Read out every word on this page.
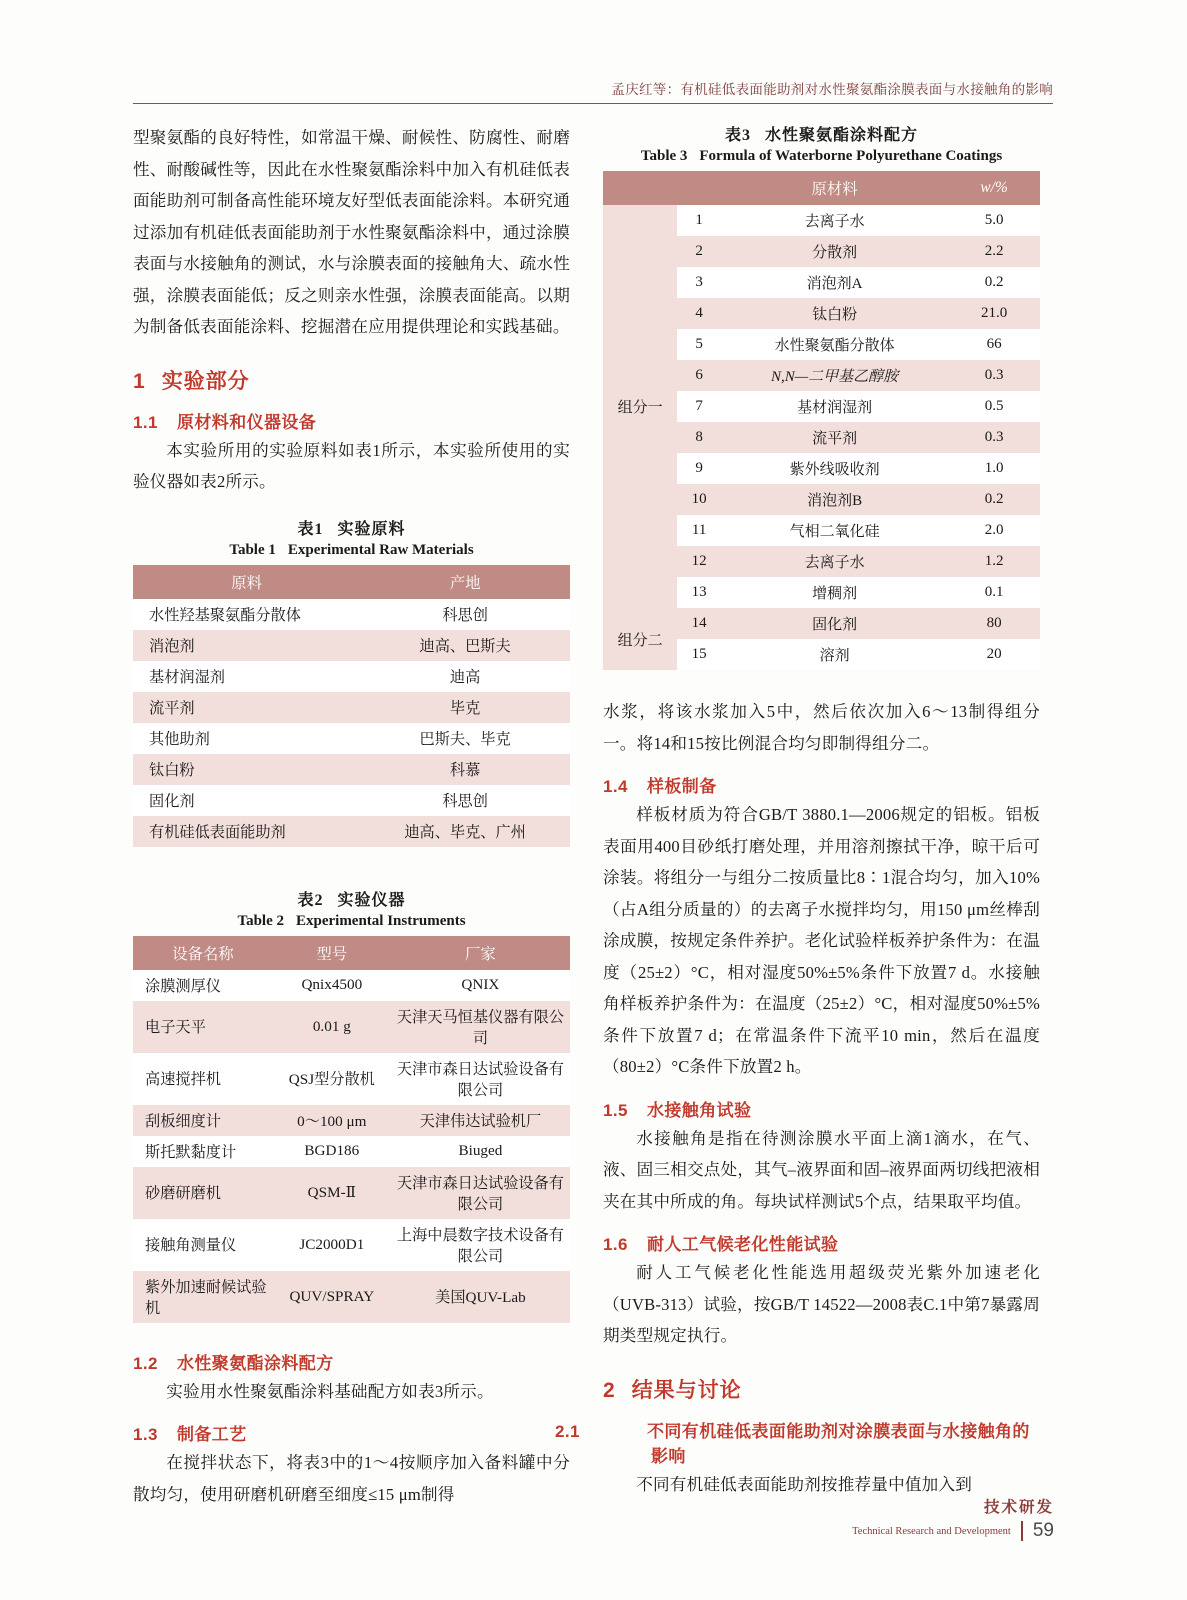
孟庆红等：有机硅低表面能助剂对水性聚氨酯涂膜表面与水接触角的影响

型聚氨酯的良好特性，如常温干燥、耐候性、防腐性、耐磨性、耐酸碱性等，因此在水性聚氨酯涂料中加入有机硅低表面能助剂可制备高性能环境友好型低表面能涂料。本研究通过添加有机硅低表面能助剂于水性聚氨酯涂料中，通过涂膜表面与水接触角的测试，水与涂膜表面的接触角大、疏水性强，涂膜表面能低；反之则亲水性强，涂膜表面能高。以期为制备低表面能涂料、挖掘潜在应用提供理论和实践基础。

1 实验部分
1.1 原材料和仪器设备

本实验所用的实验原料如表1所示，本实验所使用的实验仪器如表2所示。

表1 实验原料
Table 1 Experimental Raw Materials
原料	产地
水性羟基聚氨酯分散体	科思创
消泡剂	迪高、巴斯夫
基材润湿剂	迪高
流平剂	毕克
其他助剂	巴斯夫、毕克
钛白粉	科慕
固化剂	科思创
有机硅低表面能助剂	迪高、毕克、广州
表2 实验仪器
Table 2 Experimental Instruments
设备名称	型号	厂家
涂膜测厚仪	Qnix4500	QNIX
电子天平	0.01 g	天津天马恒基仪器有限公司
高速搅拌机	QSJ型分散机	天津市森日达试验设备有限公司
刮板细度计	0～100 μm	天津伟达试验机厂
斯托默黏度计	BGD186	Biuged
砂磨研磨机	QSM-Ⅱ	天津市森日达试验设备有限公司
接触角测量仪	JC2000D1	上海中晨数字技术设备有限公司
紫外加速耐候试验机	QUV/SPRAY	美国QUV-Lab
1.2 水性聚氨酯涂料配方

实验用水性聚氨酯涂料基础配方如表3所示。

1.3 制备工艺

在搅拌状态下，将表3中的1～4按顺序加入备料罐中分散均匀，使用研磨机研磨至细度≤15 μm制得

表3 水性聚氨酯涂料配方
Table 3 Formula of Waterborne Polyurethane Coatings
		原材料	w/%
组分一	1	去离子水	5.0
	2	分散剂	2.2
	3	消泡剂A	0.2
	4	钛白粉	21.0
	5	水性聚氨酯分散体	66
	6	N,N—二甲基乙醇胺	0.3
	7	基材润湿剂	0.5
	8	流平剂	0.3
	9	紫外线吸收剂	1.0
	10	消泡剂B	0.2
	11	气相二氧化硅	2.0
	12	去离子水	1.2
	13	增稠剂	0.1
组分二	14	固化剂	80
	15	溶剂	20

水浆，将该水浆加入5中，然后依次加入6～13制得组分一。将14和15按比例混合均匀即制得组分二。

1.4 样板制备

样板材质为符合GB/T 3880.1—2006规定的铝板。铝板表面用400目砂纸打磨处理，并用溶剂擦拭干净，晾干后可涂装。将组分一与组分二按质量比8∶1混合均匀，加入10%（占A组分质量的）的去离子水搅拌均匀，用150 μm丝棒刮涂成膜，按规定条件养护。老化试验样板养护条件为：在温度（25±2）°C，相对湿度50%±5%条件下放置7 d。水接触角样板养护条件为：在温度（25±2）°C，相对湿度50%±5%条件下放置7 d；在常温条件下流平10 min，然后在温度（80±2）°C条件下放置2 h。

1.5 水接触角试验

水接触角是指在待测涂膜水平面上滴1滴水，在气、液、固三相交点处，其气–液界面和固–液界面两切线把液相夹在其中所成的角。每块试样测试5个点，结果取平均值。

1.6 耐人工气候老化性能试验

耐人工气候老化性能选用超级荧光紫外加速老化（UVB-313）试验，按GB/T 14522—2008表C.1中第7暴露周期类型规定执行。

2 结果与讨论
2.1	不同有机硅低表面能助剂对涂膜表面与水接触角的影响

不同有机硅低表面能助剂按推荐量中值加入到

技术研发
Technical Research and Development 59
